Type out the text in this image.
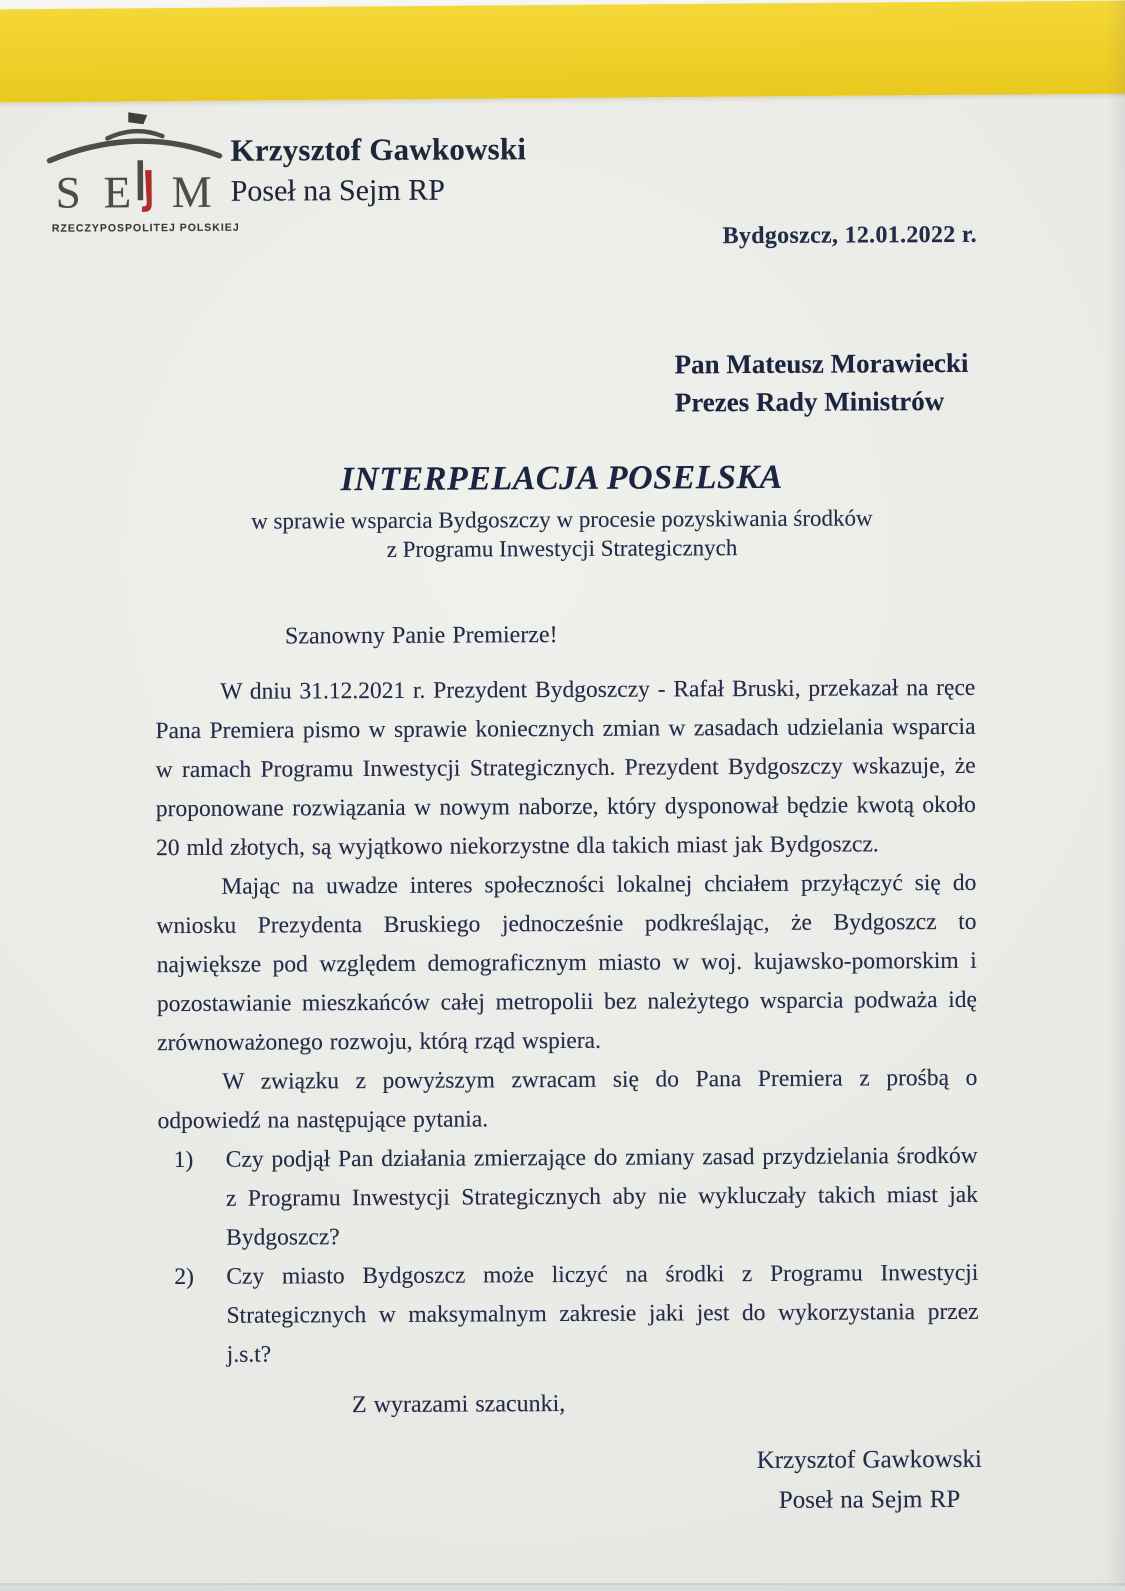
S E M
RZECZYPOSPOLITEJ POLSKIEJ
Krzysztof Gawkowski
Poseł na Sejm RP
Bydgoszcz, 12.01.2022 r.
Pan Mateusz Morawiecki
Prezes Rady Ministrów
INTERPELACJA POSELSKA
w sprawie wsparcia Bydgoszczy w procesie pozyskiwania środków
z Programu Inwestycji Strategicznych
Szanowny Panie Premierze!

W dniu 31.12.2021 r. Prezydent Bydgoszczy - Rafał Bruski, przekazał na ręce Pana Premiera pismo w sprawie koniecznych zmian w zasadach udzielania wsparcia w ramach Programu Inwestycji Strategicznych. Prezydent Bydgoszczy wskazuje, że proponowane rozwiązania w nowym naborze, który dysponował będzie kwotą około 20 mld złotych, są wyjątkowo niekorzystne dla takich miast jak Bydgoszcz.

Mając na uwadze interes społeczności lokalnej chciałem przyłączyć się do wniosku Prezydenta Bruskiego jednocześnie podkreślając, że Bydgoszcz to największe pod względem demograficznym miasto w woj. kujawsko-pomorskim i pozostawianie mieszkańców całej metropolii bez należytego wsparcia podważa idę zrównoważonego rozwoju, którą rząd wspiera.

W związku z powyższym zwracam się do Pana Premiera z prośbą o odpowiedź na następujące pytania.

1) Czy podjął Pan działania zmierzające do zmiany zasad przydzielania środków z Programu Inwestycji Strategicznych aby nie wykluczały takich miast jak Bydgoszcz?
2) Czy miasto Bydgoszcz może liczyć na środki z Programu Inwestycji Strategicznych w maksymalnym zakresie jaki jest do wykorzystania przez j.s.t?
Z wyrazami szacunki,
Krzysztof Gawkowski
Poseł na Sejm RP
